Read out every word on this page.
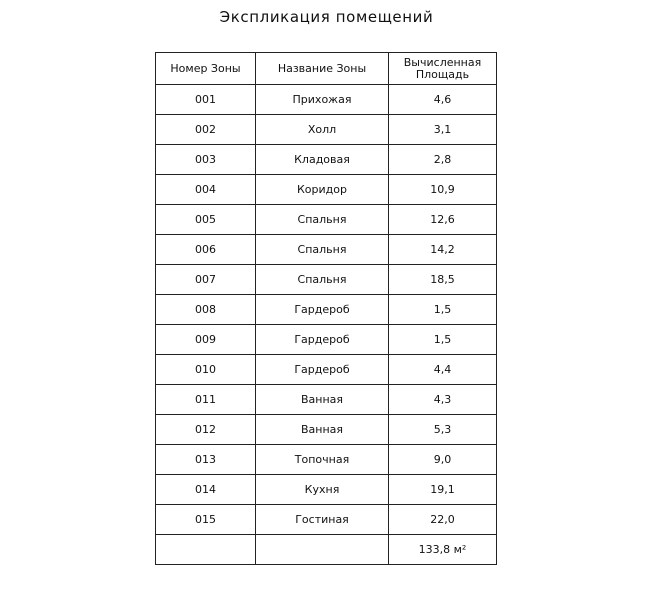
Экспликация помещений
Номер Зоны	Название Зоны	Вычисленная Площадь
001	Прихожая	4,6
002	Холл	3,1
003	Кладовая	2,8
004	Коридор	10,9
005	Спальня	12,6
006	Спальня	14,2
007	Спальня	18,5
008	Гардероб	1,5
009	Гардероб	1,5
010	Гардероб	4,4
011	Ванная	4,3
012	Ванная	5,3
013	Топочная	9,0
014	Кухня	19,1
015	Гостиная	22,0
		133,8 м²
